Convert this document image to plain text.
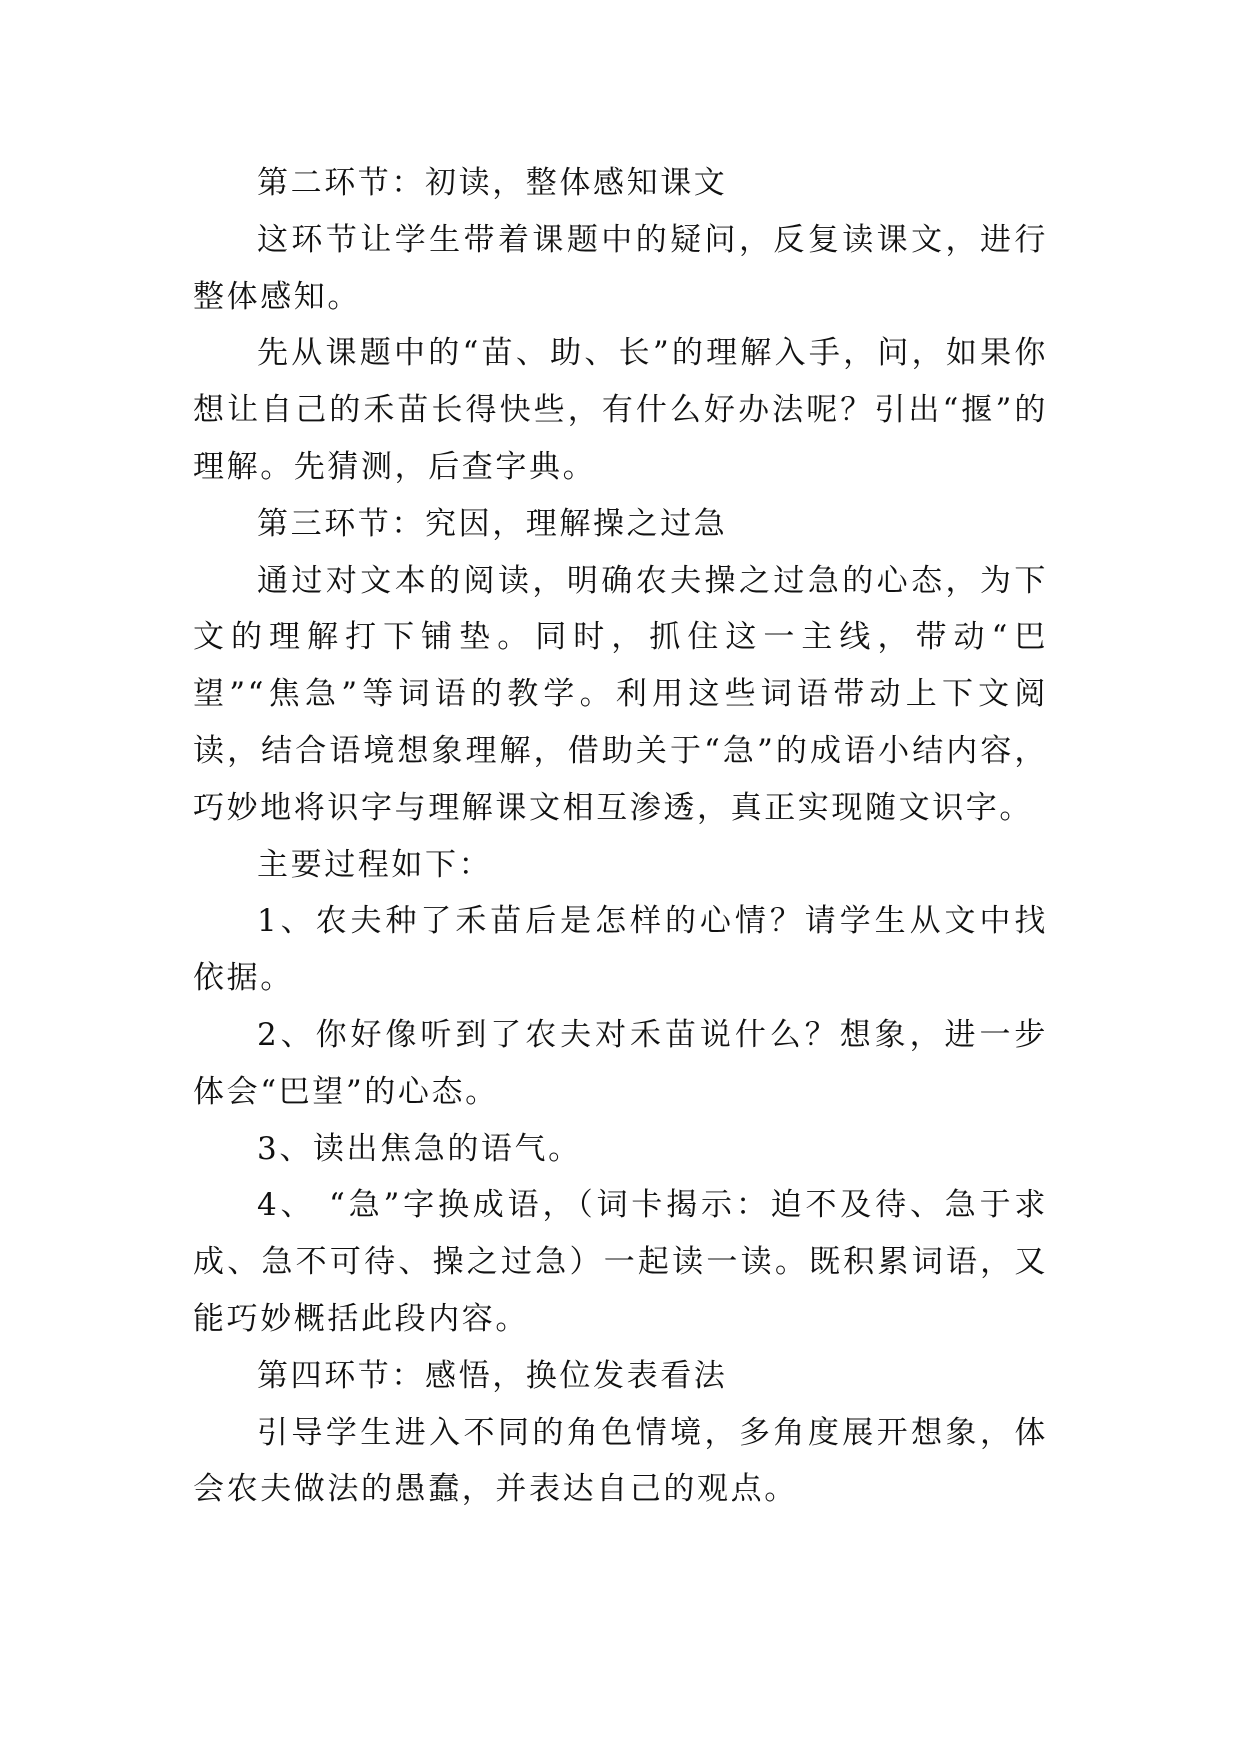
第二环节：初读，整体感知课文

这环节让学生带着课题中的疑问，反复读课文，进行整体感知。

先从课题中的“苗、助、长”的理解入手，问，如果你想让自己的禾苗长得快些，有什么好办法呢？引出“揠”的理解。先猜测，后查字典。

第三环节：究因，理解操之过急

通过对文本的阅读，明确农夫操之过急的心态，为下文的理解打下铺垫。同时，抓住这一主线，带动“巴望”“焦急”等词语的教学。利用这些词语带动上下文阅读，结合语境想象理解，借助关于“急”的成语小结内容，巧妙地将识字与理解课文相互渗透，真正实现随文识字。

主要过程如下：

1、农夫种了禾苗后是怎样的心情？请学生从文中找依据。

2、你好像听到了农夫对禾苗说什么？想象，进一步体会“巴望”的心态。

3、读出焦急的语气。

4、 “急”字换成语，（词卡揭示：迫不及待、急于求成、急不可待、操之过急）一起读一读。既积累词语，又能巧妙概括此段内容。

第四环节：感悟，换位发表看法

引导学生进入不同的角色情境，多角度展开想象，体会农夫做法的愚蠢，并表达自己的观点。
